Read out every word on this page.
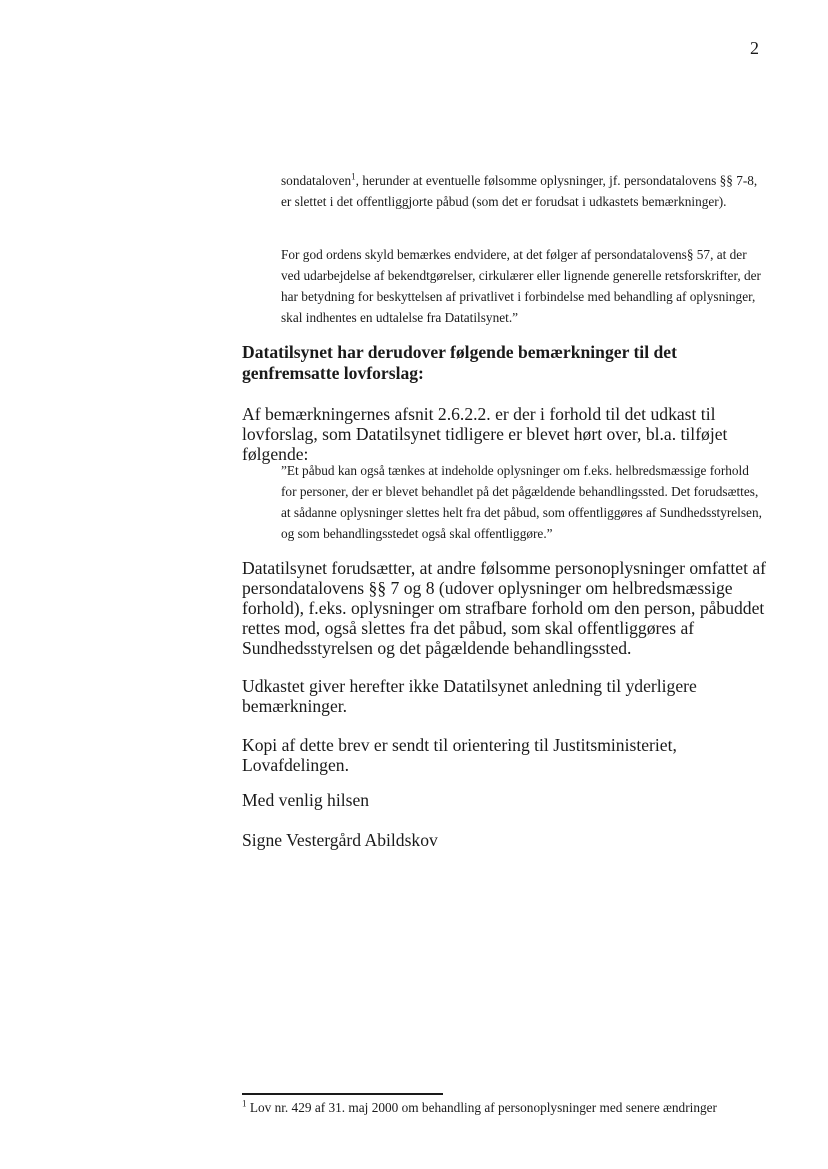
2

sondataloven$^1$, herunder at eventuelle følsomme oplysninger, jf. persondatalovens §§ 7-8, er slettet i det offentliggjorte påbud (som det er forudsat i udkastets bemærkninger).

For god ordens skyld bemærkes endvidere, at det følger af persondatalovens§ 57, at der ved udarbejdelse af bekendtgørelser, cirkulærer eller lignende generelle retsforskrifter, der har betydning for beskyttelsen af privatlivet i forbindelse med behandling af oplysninger, skal indhentes en udtalelse fra Datatilsynet.”

Datatilsynet har derudover følgende bemærkninger til det genfremsatte lovforslag:
Af bemærkningernes afsnit 2.6.2.2. er der i forhold til det udkast til lovforslag, som Datatilsynet tidligere er blevet hørt over, bl.a. tilføjet følgende:

”Et påbud kan også tænkes at indeholde oplysninger om f.eks. helbredsmæssige forhold for personer, der er blevet behandlet på det pågældende behandlingssted. Det forudsættes, at sådanne oplysninger slettes helt fra det påbud, som offentliggøres af Sundhedsstyrelsen, og som behandlingsstedet også skal offentliggøre.”

Datatilsynet forudsætter, at andre følsomme personoplysninger omfattet af persondatalovens §§ 7 og 8 (udover oplysninger om helbredsmæssige forhold), f.eks. oplysninger om strafbare forhold om den person, påbuddet rettes mod, også slettes fra det påbud, som skal offentliggøres af Sundhedsstyrelsen og det pågældende behandlingssted.
Udkastet giver herefter ikke Datatilsynet anledning til yderligere bemærkninger.
Kopi af dette brev er sendt til orientering til Justitsministeriet, Lovafdelingen.
Med venlig hilsen
Signe Vestergård Abildskov
$^1$ Lov nr. 429 af 31. maj 2000 om behandling af personoplysninger med senere ændringer
